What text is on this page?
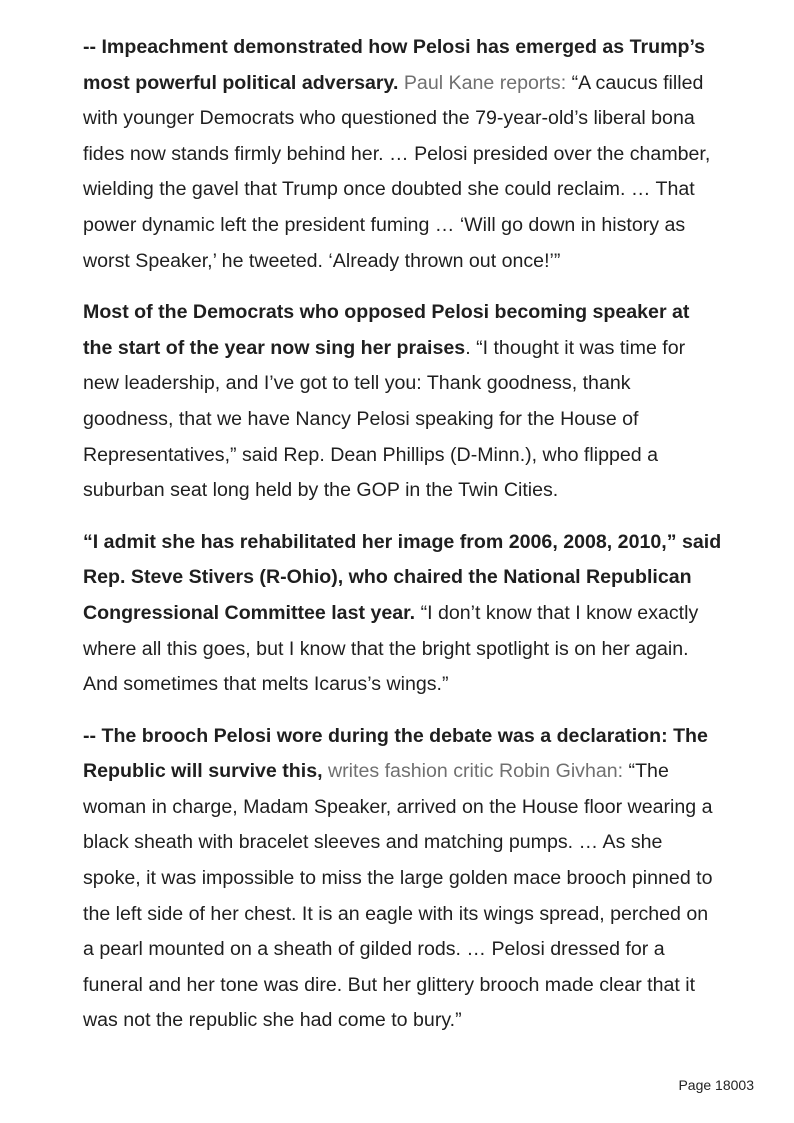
-- Impeachment demonstrated how Pelosi has emerged as Trump’s most powerful political adversary. Paul Kane reports: “A caucus filled with younger Democrats who questioned the 79-year-old’s liberal bona fides now stands firmly behind her. … Pelosi presided over the chamber, wielding the gavel that Trump once doubted she could reclaim. … That power dynamic left the president fuming … ‘Will go down in history as worst Speaker,’ he tweeted. ‘Already thrown out once!’”

Most of the Democrats who opposed Pelosi becoming speaker at the start of the year now sing her praises. “I thought it was time for new leadership, and I’ve got to tell you: Thank goodness, thank goodness, that we have Nancy Pelosi speaking for the House of Representatives,” said Rep. Dean Phillips (D-Minn.), who flipped a suburban seat long held by the GOP in the Twin Cities.

“I admit she has rehabilitated her image from 2006, 2008, 2010,” said Rep. Steve Stivers (R-Ohio), who chaired the National Republican Congressional Committee last year. “I don’t know that I know exactly where all this goes, but I know that the bright spotlight is on her again. And sometimes that melts Icarus’s wings.”

-- The brooch Pelosi wore during the debate was a declaration: The Republic will survive this, writes fashion critic Robin Givhan: “The woman in charge, Madam Speaker, arrived on the House floor wearing a black sheath with bracelet sleeves and matching pumps. … As she spoke, it was impossible to miss the large golden mace brooch pinned to the left side of her chest. It is an eagle with its wings spread, perched on a pearl mounted on a sheath of gilded rods. … Pelosi dressed for a funeral and her tone was dire. But her glittery brooch made clear that it was not the republic she had come to bury.”

Page 18003
